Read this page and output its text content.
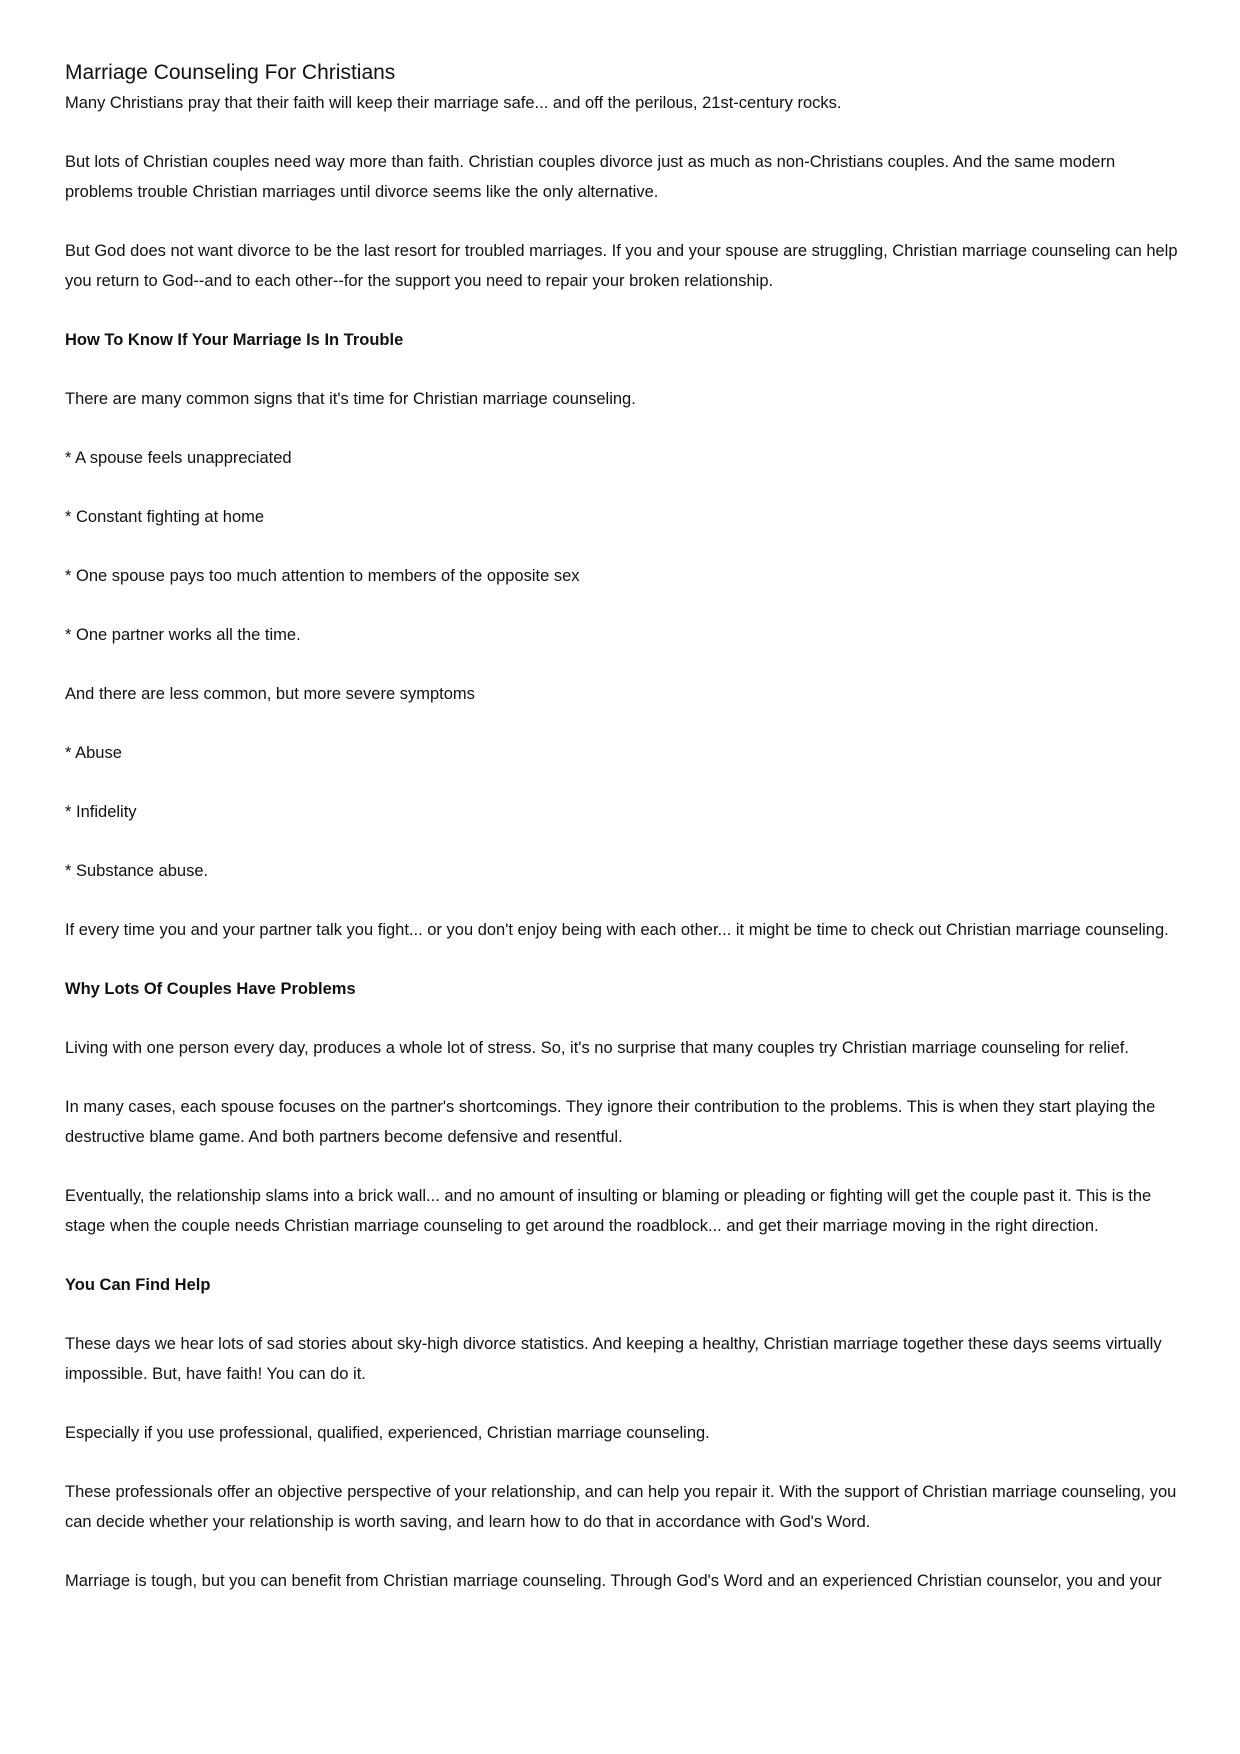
Marriage Counseling For Christians

Many Christians pray that their faith will keep their marriage safe... and off the perilous, 21st-century rocks.

But lots of Christian couples need way more than faith. Christian couples divorce just as much as non-Christians couples. And the same modern problems trouble Christian marriages until divorce seems like the only alternative.

But God does not want divorce to be the last resort for troubled marriages. If you and your spouse are struggling, Christian marriage counseling can help you return to God--and to each other--for the support you need to repair your broken relationship.

How To Know If Your Marriage Is In Trouble

There are many common signs that it's time for Christian marriage counseling.

* A spouse feels unappreciated

* Constant fighting at home

* One spouse pays too much attention to members of the opposite sex

* One partner works all the time.

And there are less common, but more severe symptoms

* Abuse

* Infidelity

* Substance abuse.

If every time you and your partner talk you fight... or you don't enjoy being with each other... it might be time to check out Christian marriage counseling.

Why Lots Of Couples Have Problems

Living with one person every day, produces a whole lot of stress. So, it's no surprise that many couples try Christian marriage counseling for relief.

In many cases, each spouse focuses on the partner's shortcomings. They ignore their contribution to the problems. This is when they start playing the destructive blame game. And both partners become defensive and resentful.

Eventually, the relationship slams into a brick wall... and no amount of insulting or blaming or pleading or fighting will get the couple past it. This is the stage when the couple needs Christian marriage counseling to get around the roadblock... and get their marriage moving in the right direction.

You Can Find Help

These days we hear lots of sad stories about sky-high divorce statistics. And keeping a healthy, Christian marriage together these days seems virtually impossible. But, have faith! You can do it.

Especially if you use professional, qualified, experienced, Christian marriage counseling.

These professionals offer an objective perspective of your relationship, and can help you repair it. With the support of Christian marriage counseling, you can decide whether your relationship is worth saving, and learn how to do that in accordance with God's Word.

Marriage is tough, but you can benefit from Christian marriage counseling. Through God's Word and an experienced Christian counselor, you and your
